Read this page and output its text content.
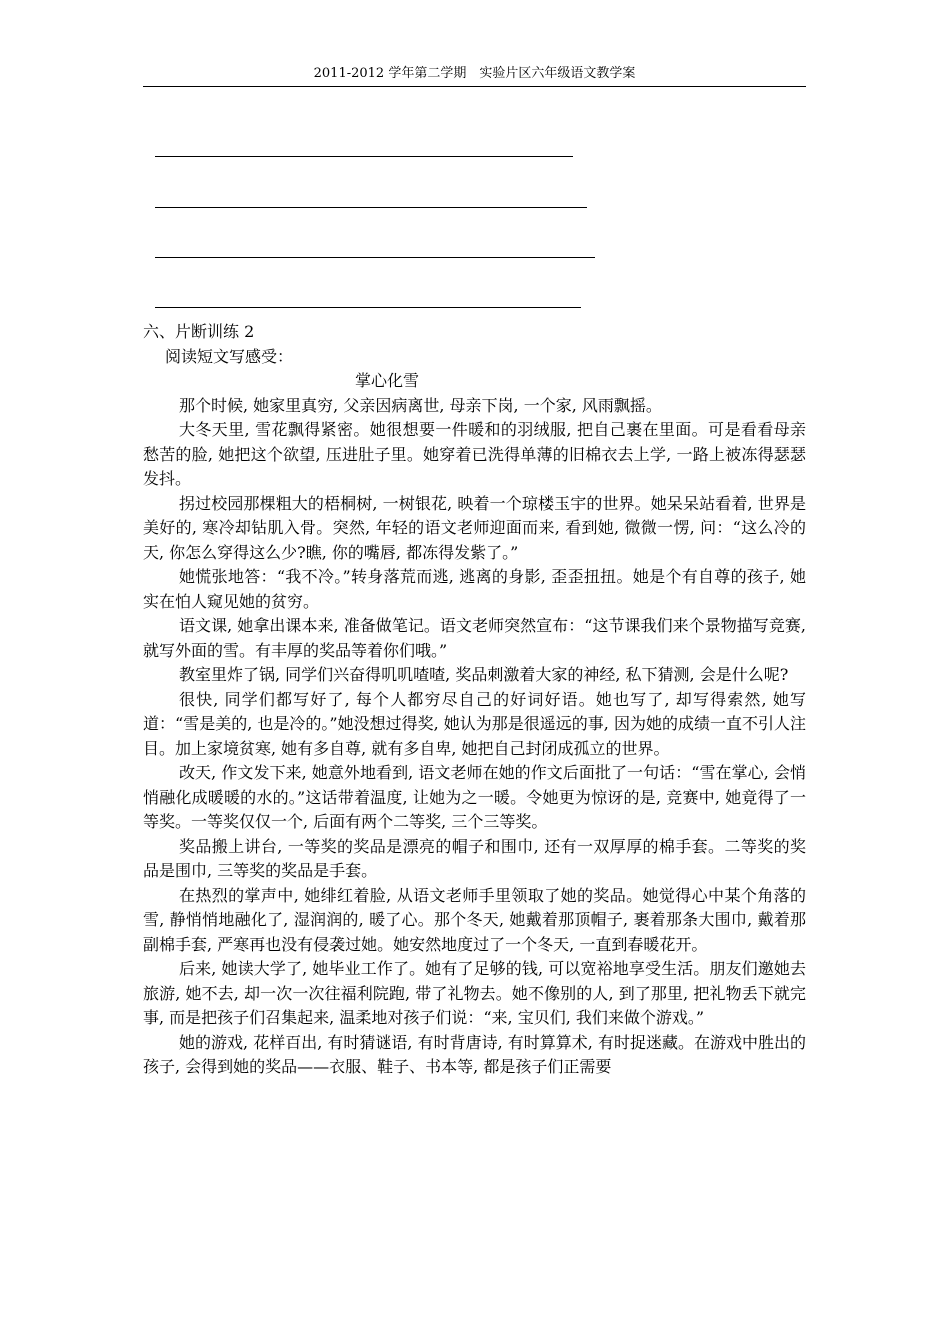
2011-2012 学年第二学期　实验片区六年级语文教学案

六、片断训练 2

阅读短文写感受：

掌心化雪

那个时候, 她家里真穷, 父亲因病离世, 母亲下岗, 一个家, 风雨飘摇。

大冬天里, 雪花飘得紧密。她很想要一件暖和的羽绒服, 把自己裹在里面。可是看看母亲愁苦的脸, 她把这个欲望, 压进肚子里。她穿着已洗得单薄的旧棉衣去上学, 一路上被冻得瑟瑟发抖。

拐过校园那棵粗大的梧桐树, 一树银花, 映着一个琼楼玉宇的世界。她呆呆站看着, 世界是美好的, 寒冷却钻肌入骨。突然, 年轻的语文老师迎面而来, 看到她, 微微一愣, 问：“这么冷的天, 你怎么穿得这么少?瞧, 你的嘴唇, 都冻得发紫了。”

她慌张地答：“我不冷。”转身落荒而逃, 逃离的身影, 歪歪扭扭。她是个有自尊的孩子, 她实在怕人窥见她的贫穷。

语文课, 她拿出课本来, 准备做笔记。语文老师突然宣布：“这节课我们来个景物描写竞赛, 就写外面的雪。有丰厚的奖品等着你们哦。”

教室里炸了锅, 同学们兴奋得叽叽喳喳, 奖品刺激着大家的神经, 私下猜测, 会是什么呢?

很快, 同学们都写好了, 每个人都穷尽自己的好词好语。她也写了, 却写得索然, 她写道：“雪是美的, 也是冷的。”她没想过得奖, 她认为那是很遥远的事, 因为她的成绩一直不引人注目。加上家境贫寒, 她有多自尊, 就有多自卑, 她把自己封闭成孤立的世界。

改天, 作文发下来, 她意外地看到, 语文老师在她的作文后面批了一句话：“雪在掌心, 会悄悄融化成暖暖的水的。”这话带着温度, 让她为之一暖。令她更为惊讶的是, 竞赛中, 她竟得了一等奖。一等奖仅仅一个, 后面有两个二等奖, 三个三等奖。

奖品搬上讲台, 一等奖的奖品是漂亮的帽子和围巾, 还有一双厚厚的棉手套。二等奖的奖品是围巾, 三等奖的奖品是手套。

在热烈的掌声中, 她绯红着脸, 从语文老师手里领取了她的奖品。她觉得心中某个角落的雪, 静悄悄地融化了, 湿润润的, 暖了心。那个冬天, 她戴着那顶帽子, 裹着那条大围巾, 戴着那副棉手套, 严寒再也没有侵袭过她。她安然地度过了一个冬天, 一直到春暖花开。

后来, 她读大学了, 她毕业工作了。她有了足够的钱, 可以宽裕地享受生活。朋友们邀她去旅游, 她不去, 却一次一次往福利院跑, 带了礼物去。她不像别的人, 到了那里, 把礼物丢下就完事, 而是把孩子们召集起来, 温柔地对孩子们说：“来, 宝贝们, 我们来做个游戏。”

她的游戏, 花样百出, 有时猜谜语, 有时背唐诗, 有时算算术, 有时捉迷藏。在游戏中胜出的孩子, 会得到她的奖品——衣服、鞋子、书本等, 都是孩子们正需要
